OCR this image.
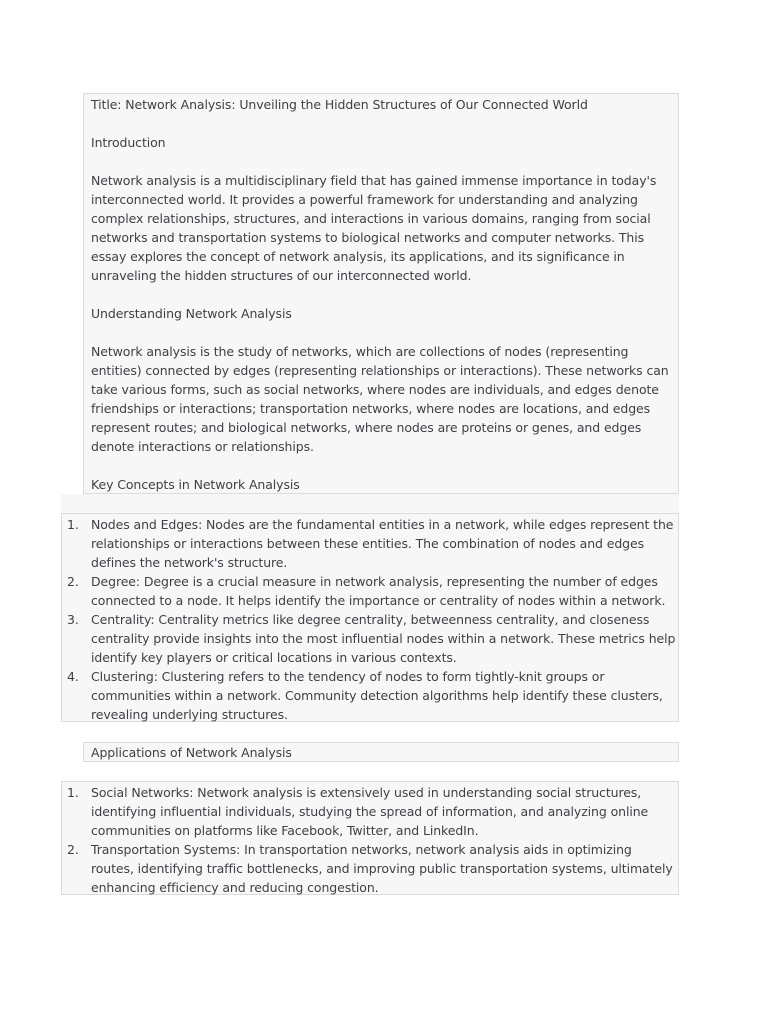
Title: Network Analysis: Unveiling the Hidden Structures of Our Connected World

Introduction

Network analysis is a multidisciplinary field that has gained immense importance in today's interconnected world. It provides a powerful framework for understanding and analyzing complex relationships, structures, and interactions in various domains, ranging from social networks and transportation systems to biological networks and computer networks. This essay explores the concept of network analysis, its applications, and its significance in unraveling the hidden structures of our interconnected world.

Understanding Network Analysis

Network analysis is the study of networks, which are collections of nodes (representing entities) connected by edges (representing relationships or interactions). These networks can take various forms, such as social networks, where nodes are individuals, and edges denote friendships or interactions; transportation networks, where nodes are locations, and edges represent routes; and biological networks, where nodes are proteins or genes, and edges denote interactions or relationships.

Key Concepts in Network Analysis

1. Nodes and Edges: Nodes are the fundamental entities in a network, while edges represent the relationships or interactions between these entities. The combination of nodes and edges defines the network's structure.
2. Degree: Degree is a crucial measure in network analysis, representing the number of edges connected to a node. It helps identify the importance or centrality of nodes within a network.
3. Centrality: Centrality metrics like degree centrality, betweenness centrality, and closeness centrality provide insights into the most influential nodes within a network. These metrics help identify key players or critical locations in various contexts.
4. Clustering: Clustering refers to the tendency of nodes to form tightly-knit groups or communities within a network. Community detection algorithms help identify these clusters, revealing underlying structures.
Applications of Network Analysis
1. Social Networks: Network analysis is extensively used in understanding social structures, identifying influential individuals, studying the spread of information, and analyzing online communities on platforms like Facebook, Twitter, and LinkedIn.
2. Transportation Systems: In transportation networks, network analysis aids in optimizing routes, identifying traffic bottlenecks, and improving public transportation systems, ultimately enhancing efficiency and reducing congestion.
